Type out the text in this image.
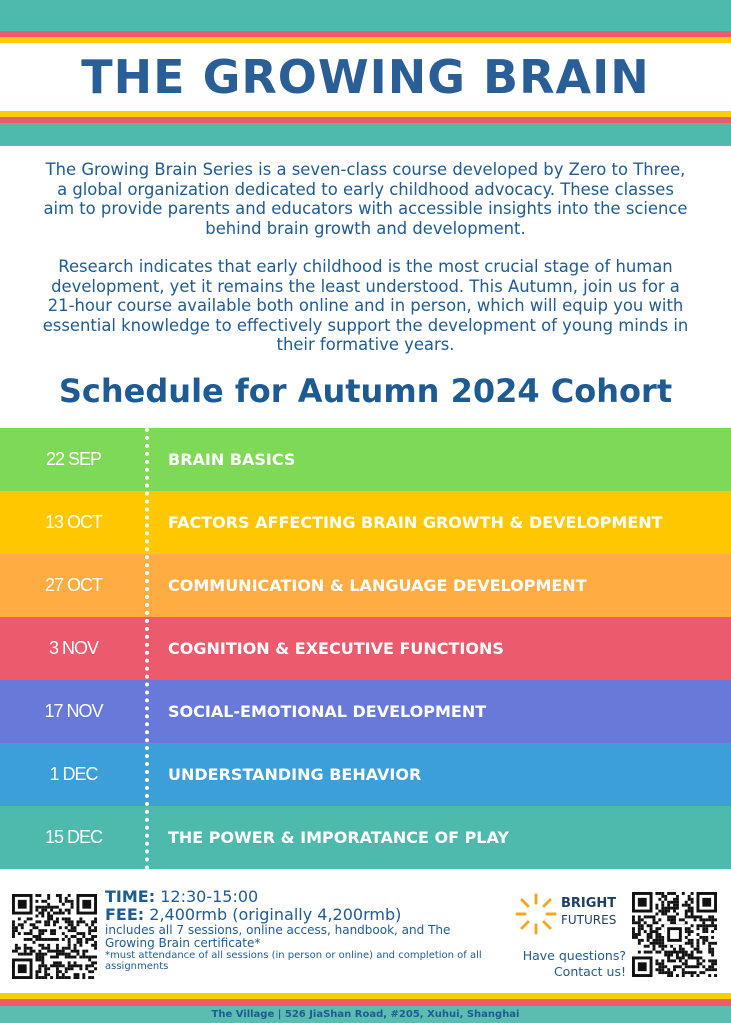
THE GROWING BRAIN

The Growing Brain Series is a seven-class course developed by Zero to Three, a global organization dedicated to early childhood advocacy. These classes aim to provide parents and educators with accessible insights into the science behind brain growth and development.

Research indicates that early childhood is the most crucial stage of human development, yet it remains the least understood. This Autumn, join us for a 21-hour course available both online and in person, which will equip you with essential knowledge to effectively support the development of young minds in their formative years.

Schedule for Autumn 2024 Cohort
22 SEP	BRAIN BASICS
13 OCT	FACTORS AFFECTING BRAIN GROWTH & DEVELOPMENT
27 OCT	COMMUNICATION & LANGUAGE DEVELOPMENT
3 NOV	COGNITION & EXECUTIVE FUNCTIONS
17 NOV	SOCIAL-EMOTIONAL DEVELOPMENT
1 DEC	UNDERSTANDING BEHAVIOR
15 DEC	THE POWER & IMPORATANCE OF PLAY
TIME: 12:30-15:00
FEE: 2,400rmb (originally 4,200rmb)
includes all 7 sessions, online access, handbook, and The Growing Brain certificate*
*must attendance of all sessions (in person or online) and completion of all assignments
BRIGHT
FUTURES
Have questions?
Contact us!
The Village | 526 JiaShan Road, #205, Xuhui, Shanghai
